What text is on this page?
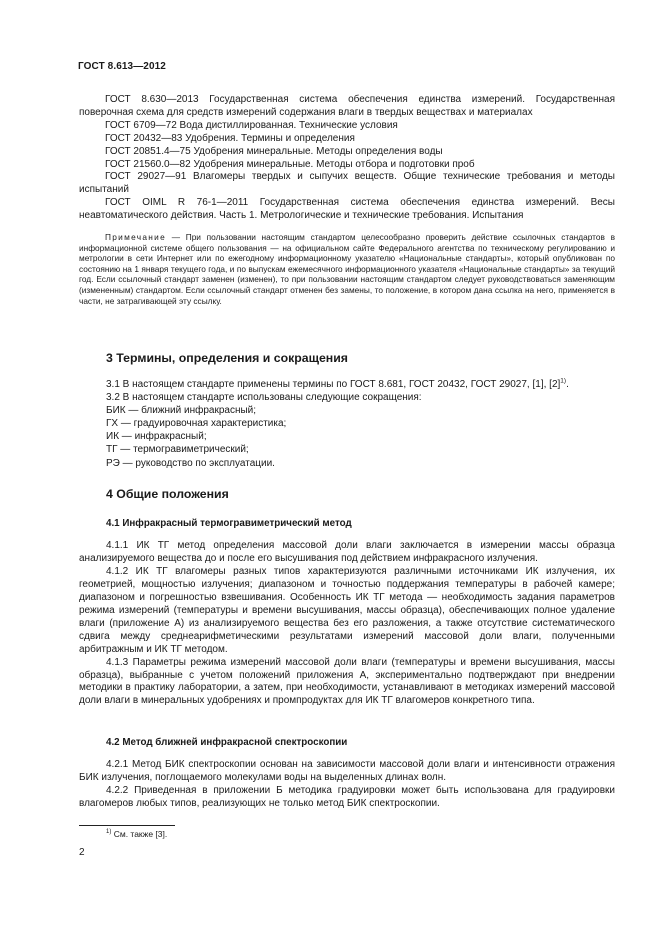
ГОСТ 8.613—2012

ГОСТ 8.630—2013 Государственная система обеспечения единства измерений. Государственная поверочная схема для средств измерений содержания влаги в твердых веществах и материалах

ГОСТ 6709—72 Вода дистиллированная. Технические условия

ГОСТ 20432—83 Удобрения. Термины и определения

ГОСТ 20851.4—75 Удобрения минеральные. Методы определения воды

ГОСТ 21560.0—82 Удобрения минеральные. Методы отбора и подготовки проб

ГОСТ 29027—91 Влагомеры твердых и сыпучих веществ. Общие технические требования и методы испытаний

ГОСТ OIML R 76-1—2011 Государственная система обеспечения единства измерений. Весы неавтоматического действия. Часть 1. Метрологические и технические требования. Испытания

Примечание — При пользовании настоящим стандартом целесообразно проверить действие ссылочных стандартов в информационной системе общего пользования — на официальном сайте Федерального агентства по техническому регулированию и метрологии в сети Интернет или по ежегодному информационному указателю «Национальные стандарты», который опубликован по состоянию на 1 января текущего года, и по выпускам ежемесячного информационного указателя «Национальные стандарты» за текущий год. Если ссылочный стандарт заменен (изменен), то при пользовании настоящим стандартом следует руководствоваться заменяющим (измененным) стандартом. Если ссылочный стандарт отменен без замены, то положение, в котором дана ссылка на него, применяется в части, не затрагивающей эту ссылку.

3 Термины, определения и сокращения

3.1 В настоящем стандарте применены термины по ГОСТ 8.681, ГОСТ 20432, ГОСТ 29027, [1], $[2]^{1)}$.

3.2 В настоящем стандарте использованы следующие сокращения:

БИК — ближний инфракрасный;

ГХ — градуировочная характеристика;

ИК — инфракрасный;

ТГ — термогравиметрический;

РЭ — руководство по эксплуатации.

4 Общие положения
4.1 Инфракрасный термогравиметрический метод

4.1.1 ИК ТГ метод определения массовой доли влаги заключается в измерении массы образца анализируемого вещества до и после его высушивания под действием инфракрасного излучения.

4.1.2 ИК ТГ влагомеры разных типов характеризуются различными источниками ИК излучения, их геометрией, мощностью излучения; диапазоном и точностью поддержания температуры в рабочей камере; диапазоном и погрешностью взвешивания. Особенность ИК ТГ метода — необходимость задания параметров режима измерений (температуры и времени высушивания, массы образца), обеспечивающих полное удаление влаги (приложение А) из анализируемого вещества без его разложения, а также отсутствие систематического сдвига между среднеарифметическими результатами измерений массовой доли влаги, полученными арбитражным и ИК ТГ методом.

4.1.3 Параметры режима измерений массовой доли влаги (температуры и времени высушивания, массы образца), выбранные с учетом положений приложения А, экспериментально подтверждают при внедрении методики в практику лаборатории, а затем, при необходимости, устанавливают в методиках измерений массовой доли влаги в минеральных удобрениях и промпродуктах для ИК ТГ влагомеров конкретного типа.

4.2 Метод ближней инфракрасной спектроскопии

4.2.1 Метод БИК спектроскопии основан на зависимости массовой доли влаги и интенсивности отражения БИК излучения, поглощаемого молекулами воды на выделенных длинах волн.

4.2.2 Приведенная в приложении Б методика градуировки может быть использована для градуировки влагомеров любых типов, реализующих не только метод БИК спектроскопии.

$^{1)}$ См. также [3].
2
